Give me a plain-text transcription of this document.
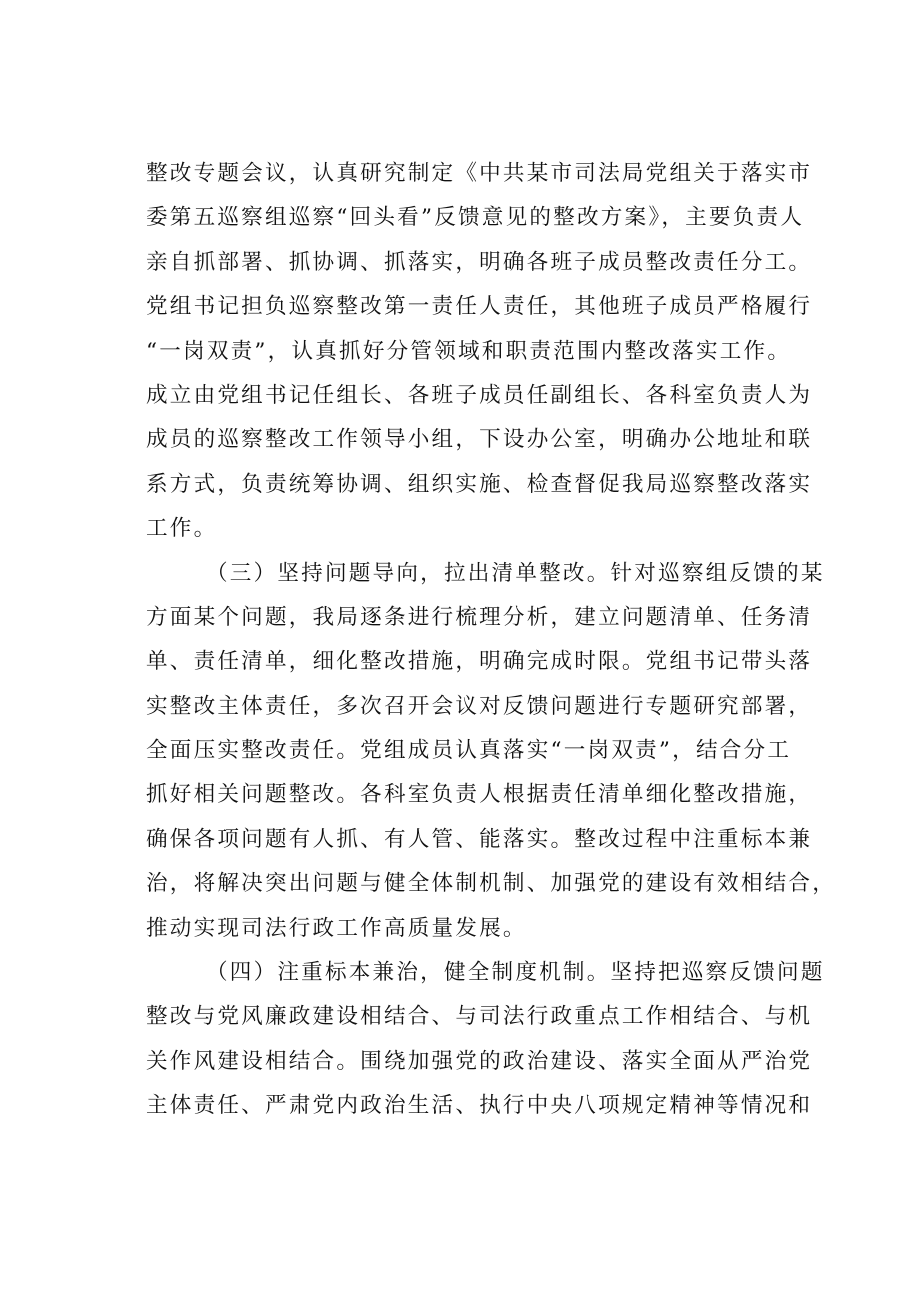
整改专题会议，认真研究制定《中共某市司法局党组关于落实市
委第五巡察组巡察“回头看”反馈意见的整改方案》，主要负责人
亲自抓部署、抓协调、抓落实，明确各班子成员整改责任分工。
党组书记担负巡察整改第一责任人责任，其他班子成员严格履行
“一岗双责”，认真抓好分管领域和职责范围内整改落实工作。
成立由党组书记任组长、各班子成员任副组长、各科室负责人为
成员的巡察整改工作领导小组，下设办公室，明确办公地址和联
系方式，负责统筹协调、组织实施、检查督促我局巡察整改落实
工作。
（三）坚持问题导向，拉出清单整改。针对巡察组反馈的某
方面某个问题，我局逐条进行梳理分析，建立问题清单、任务清
单、责任清单，细化整改措施，明确完成时限。党组书记带头落
实整改主体责任，多次召开会议对反馈问题进行专题研究部署，
全面压实整改责任。党组成员认真落实“一岗双责”，结合分工
抓好相关问题整改。各科室负责人根据责任清单细化整改措施，
确保各项问题有人抓、有人管、能落实。整改过程中注重标本兼
治，将解决突出问题与健全体制机制、加强党的建设有效相结合，
推动实现司法行政工作高质量发展。
（四）注重标本兼治，健全制度机制。坚持把巡察反馈问题
整改与党风廉政建设相结合、与司法行政重点工作相结合、与机
关作风建设相结合。围绕加强党的政治建设、落实全面从严治党
主体责任、严肃党内政治生活、执行中央八项规定精神等情况和
